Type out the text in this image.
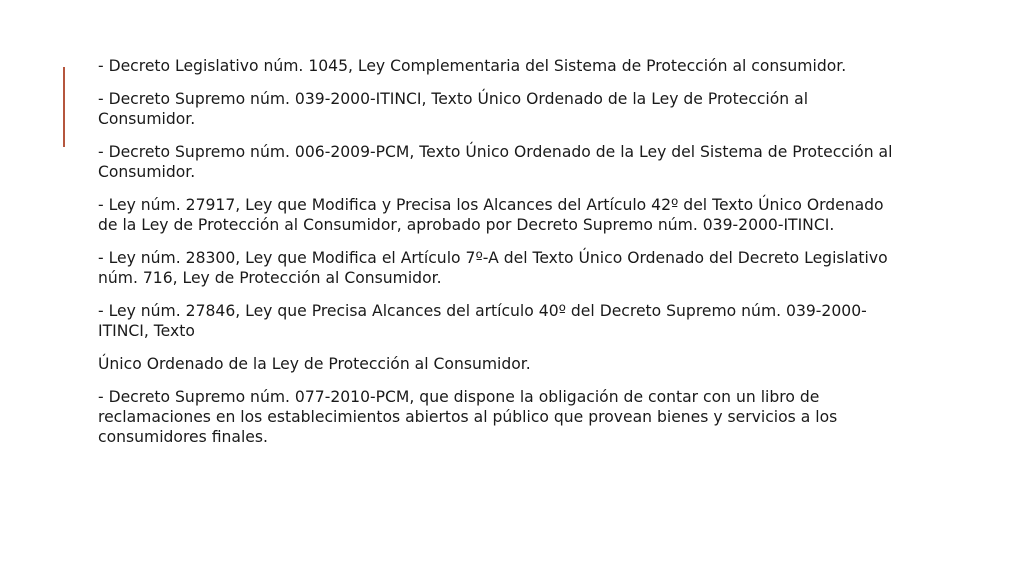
- Decreto Legislativo núm. 1045, Ley Complementaria del Sistema de Protección al consumidor.

- Decreto Supremo núm. 039-2000-ITINCI, Texto Único Ordenado de la Ley de Protección al Consumidor.

- Decreto Supremo núm. 006-2009-PCM, Texto Único Ordenado de la Ley del Sistema de Protección al Consumidor.

- Ley núm. 27917, Ley que Modifica y Precisa los Alcances del Artículo 42º del Texto Único Ordenado de la Ley de Protección al Consumidor, aprobado por Decreto Supremo núm. 039-2000-ITINCI.

- Ley núm. 28300, Ley que Modifica el Artículo 7º-A del Texto Único Ordenado del Decreto Legislativo núm. 716, Ley de Protección al Consumidor.

- Ley núm. 27846, Ley que Precisa Alcances del artículo 40º del Decreto Supremo núm. 039-2000-ITINCI, Texto

Único Ordenado de la Ley de Protección al Consumidor.

- Decreto Supremo núm. 077-2010-PCM, que dispone la obligación de contar con un libro de reclamaciones en los establecimientos abiertos al público que provean bienes y servicios a los consumidores finales.
